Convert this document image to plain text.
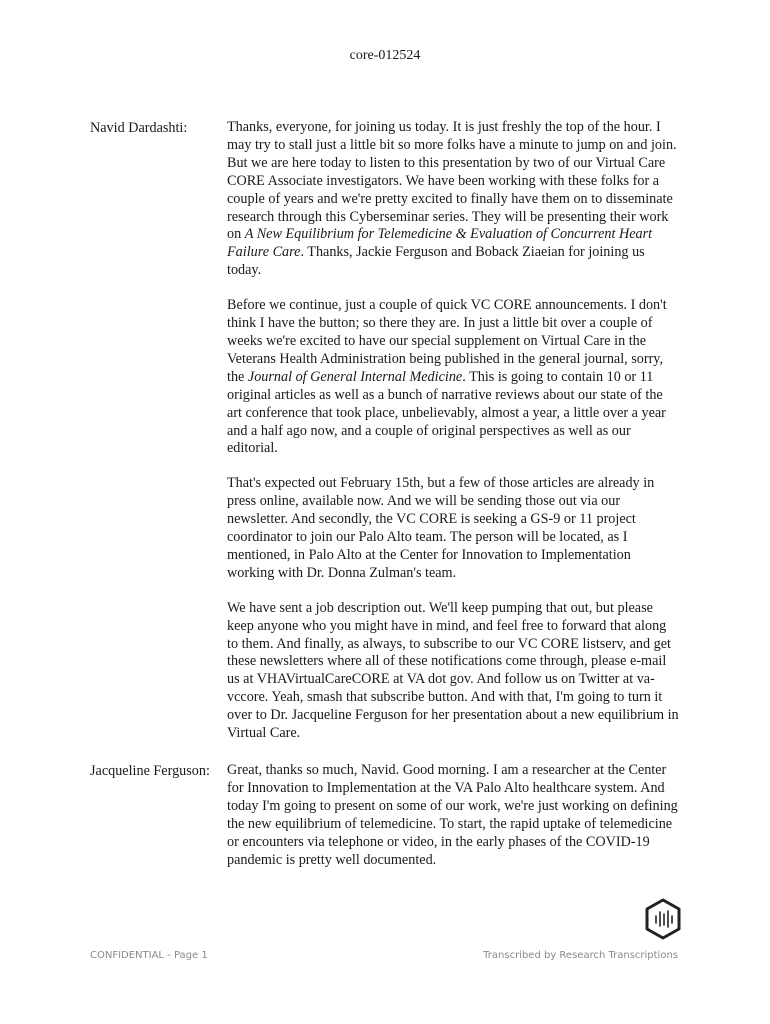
core-012524
Navid Dardashti:	Thanks, everyone, for joining us today. It is just freshly the top of the hour. I may try to stall just a little bit so more folks have a minute to jump on and join. But we are here today to listen to this presentation by two of our Virtual Care CORE Associate investigators. We have been working with these folks for a couple of years and we're pretty excited to finally have them on to disseminate research through this Cyberseminar series. They will be presenting their work on A New Equilibrium for Telemedicine & Evaluation of Concurrent Heart Failure Care. Thanks, Jackie Ferguson and Boback Ziaeian for joining us today.

Before we continue, just a couple of quick VC CORE announcements. I don't think I have the button; so there they are. In just a little bit over a couple of weeks we're excited to have our special supplement on Virtual Care in the Veterans Health Administration being published in the general journal, sorry, the Journal of General Internal Medicine. This is going to contain 10 or 11 original articles as well as a bunch of narrative reviews about our state of the art conference that took place, unbelievably, almost a year, a little over a year and a half ago now, and a couple of original perspectives as well as our editorial.

That's expected out February 15th, but a few of those articles are already in press online, available now. And we will be sending those out via our newsletter. And secondly, the VC CORE is seeking a GS-9 or 11 project coordinator to join our Palo Alto team. The person will be located, as I mentioned, in Palo Alto at the Center for Innovation to Implementation working with Dr. Donna Zulman's team.

We have sent a job description out. We'll keep pumping that out, but please keep anyone who you might have in mind, and feel free to forward that along to them. And finally, as always, to subscribe to our VC CORE listserv, and get these newsletters where all of these notifications come through, please e-mail us at VHAVirtualCareCORE at VA dot gov. And follow us on Twitter at va-vccore. Yeah, smash that subscribe button. And with that, I'm going to turn it over to Dr. Jacqueline Ferguson for her presentation about a new equilibrium in Virtual Care.

Jacqueline Ferguson:	Great, thanks so much, Navid. Good morning. I am a researcher at the Center for Innovation to Implementation at the VA Palo Alto healthcare system. And today I'm going to present on some of our work, we're just working on defining the new equilibrium of telemedicine. To start, the rapid uptake of telemedicine or encounters via telephone or video, in the early phases of the COVID-19 pandemic is pretty well documented.

CONFIDENTIAL - Page 1	Transcribed by Research Transcriptions
